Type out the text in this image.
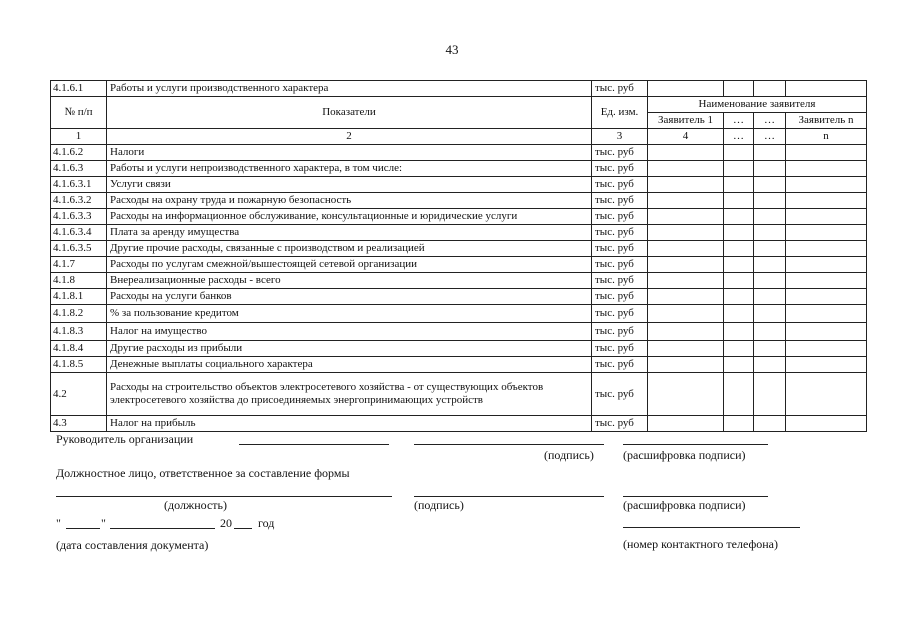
43
4.1.6.1	Работы и услуги производственного характера	тыс. руб				
№ п/п	Показатели	Ед. изм.	Наименование заявителя			
			Заявитель 1	…	…	Заявитель n
1	2	3	4	…	…	n
4.1.6.2	Налоги	тыс. руб				
4.1.6.3	Работы и услуги непроизводственного характера, в том числе:	тыс. руб				
4.1.6.3.1	Услуги связи	тыс. руб				
4.1.6.3.2	Расходы на охрану труда и пожарную безопасность	тыс. руб				
4.1.6.3.3	Расходы на информационное обслуживание, консультационные и юридические услуги	тыс. руб				
4.1.6.3.4	Плата за аренду имущества	тыс. руб				
4.1.6.3.5	Другие прочие расходы, связанные с производством и реализацией	тыс. руб				
4.1.7	Расходы по услугам смежной/вышестоящей сетевой организации	тыс. руб				
4.1.8	Внереализационные расходы - всего	тыс. руб				
4.1.8.1	Расходы на услуги банков	тыс. руб				
4.1.8.2	% за пользование кредитом	тыс. руб				
4.1.8.3	Налог на имущество	тыс. руб				
4.1.8.4	Другие расходы из прибыли	тыс. руб				
4.1.8.5	Денежные выплаты социального характера	тыс. руб				
4.2	Расходы на строительство объектов электросетевого хозяйства - от существующих объектов электросетевого хозяйства до присоединяемых энергопринимающих устройств	тыс. руб				
4.3	Налог на прибыль	тыс. руб				
Руководитель организации
(подпись) (расшифровка подписи)
Должностное лицо, ответственное за составление формы
(должность)	(подпись)	(расшифровка подписи)
"	"	20 год
(дата составления документа)	(номер контактного телефона)
